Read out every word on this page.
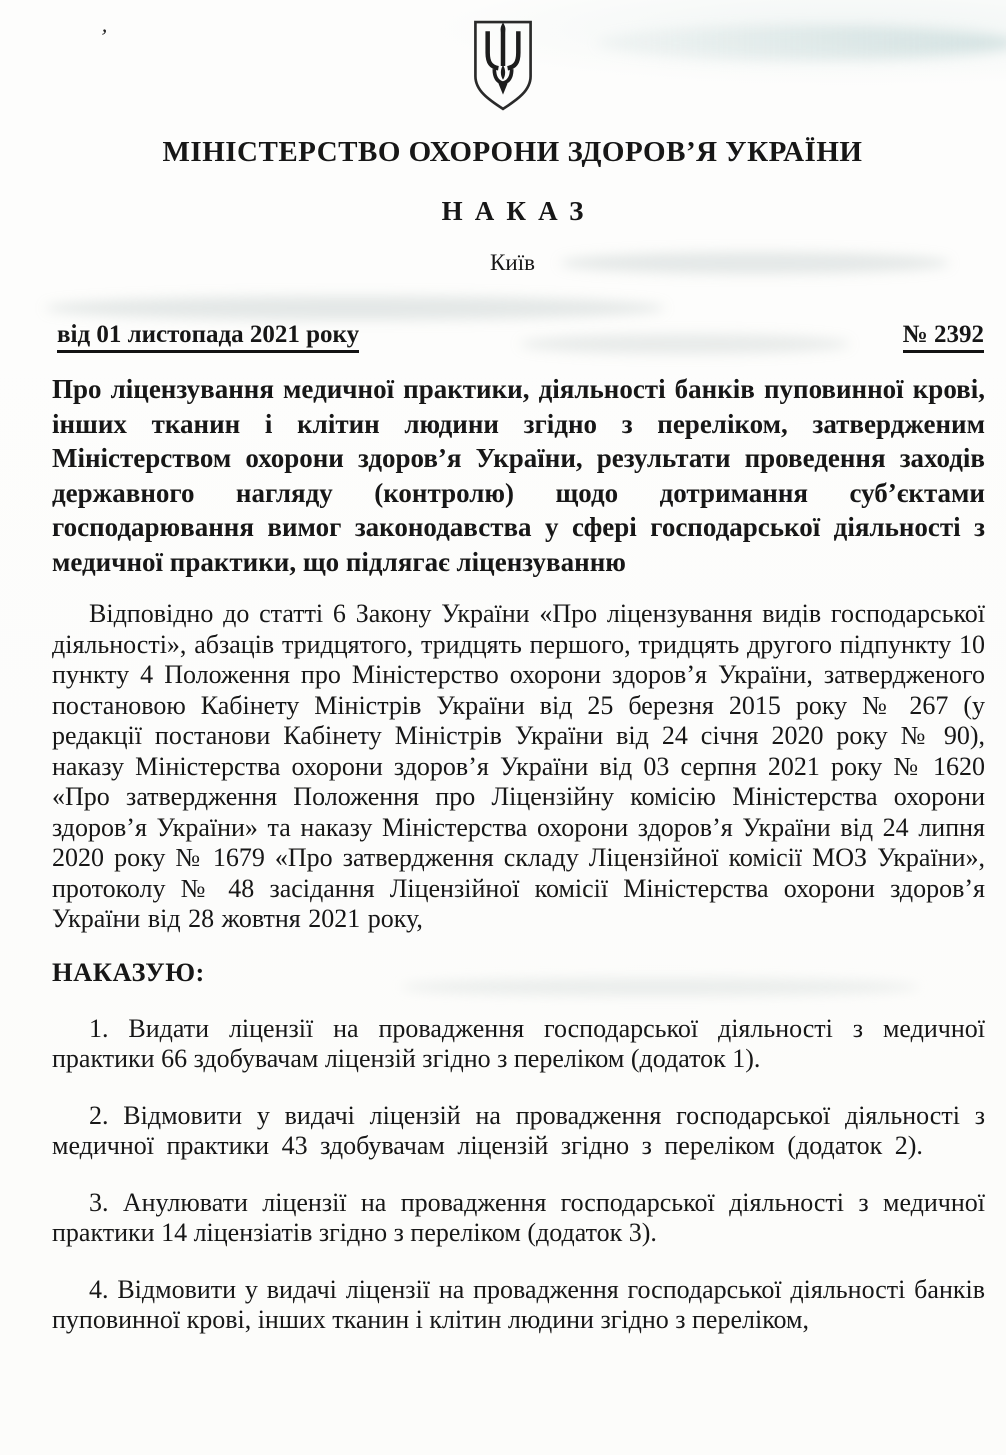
’
МІНІСТЕРСТВО ОХОРОНИ ЗДОРОВ’Я УКРАЇНИ
НАКАЗ
Київ
від 01 листопада 2021 року	№ 2392

Про ліцензування медичної практики, діяльності банків пуповинної крові, інших тканин і клітин людини згідно з переліком, затвердженим Міністерством охорони здоров’я України, результати проведення заходів державного нагляду (контролю) щодо дотримання суб’єктами господарювання вимог законодавства у сфері господарської діяльності з медичної практики, що підлягає ліцензуванню

Відповідно до статті 6 Закону України «Про ліцензування видів господарської діяльності», абзаців тридцятого, тридцять першого, тридцять другого підпункту 10 пункту 4 Положення про Міністерство охорони здоров’я України, затвердженого постановою Кабінету Міністрів України від 25 березня 2015 року № 267 (у редакції постанови Кабінету Міністрів України від 24 січня 2020 року № 90), наказу Міністерства охорони здоров’я України від 03 серпня 2021 року № 1620 «Про затвердження Положення про Ліцензійну комісію Міністерства охорони здоров’я України» та наказу Міністерства охорони здоров’я України від 24 липня 2020 року № 1679 «Про затвердження складу Ліцензійної комісії МОЗ України», протоколу № 48 засідання Ліцензійної комісії Міністерства охорони здоров’я України від 28 жовтня 2021 року,

НАКАЗУЮ:

1. Видати ліцензії на провадження господарської діяльності з медичної практики 66 здобувачам ліцензій згідно з переліком (додаток 1).

2. Відмовити у видачі ліцензій на провадження господарської діяльності з медичної практики 43 здобувачам ліцензій згідно з переліком (додаток 2).

3. Анулювати ліцензії на провадження господарської діяльності з медичної практики 14 ліцензіатів згідно з переліком (додаток 3).

4. Відмовити у видачі ліцензії на провадження господарської діяльності банків пуповинної крові, інших тканин і клітин людини згідно з переліком,
